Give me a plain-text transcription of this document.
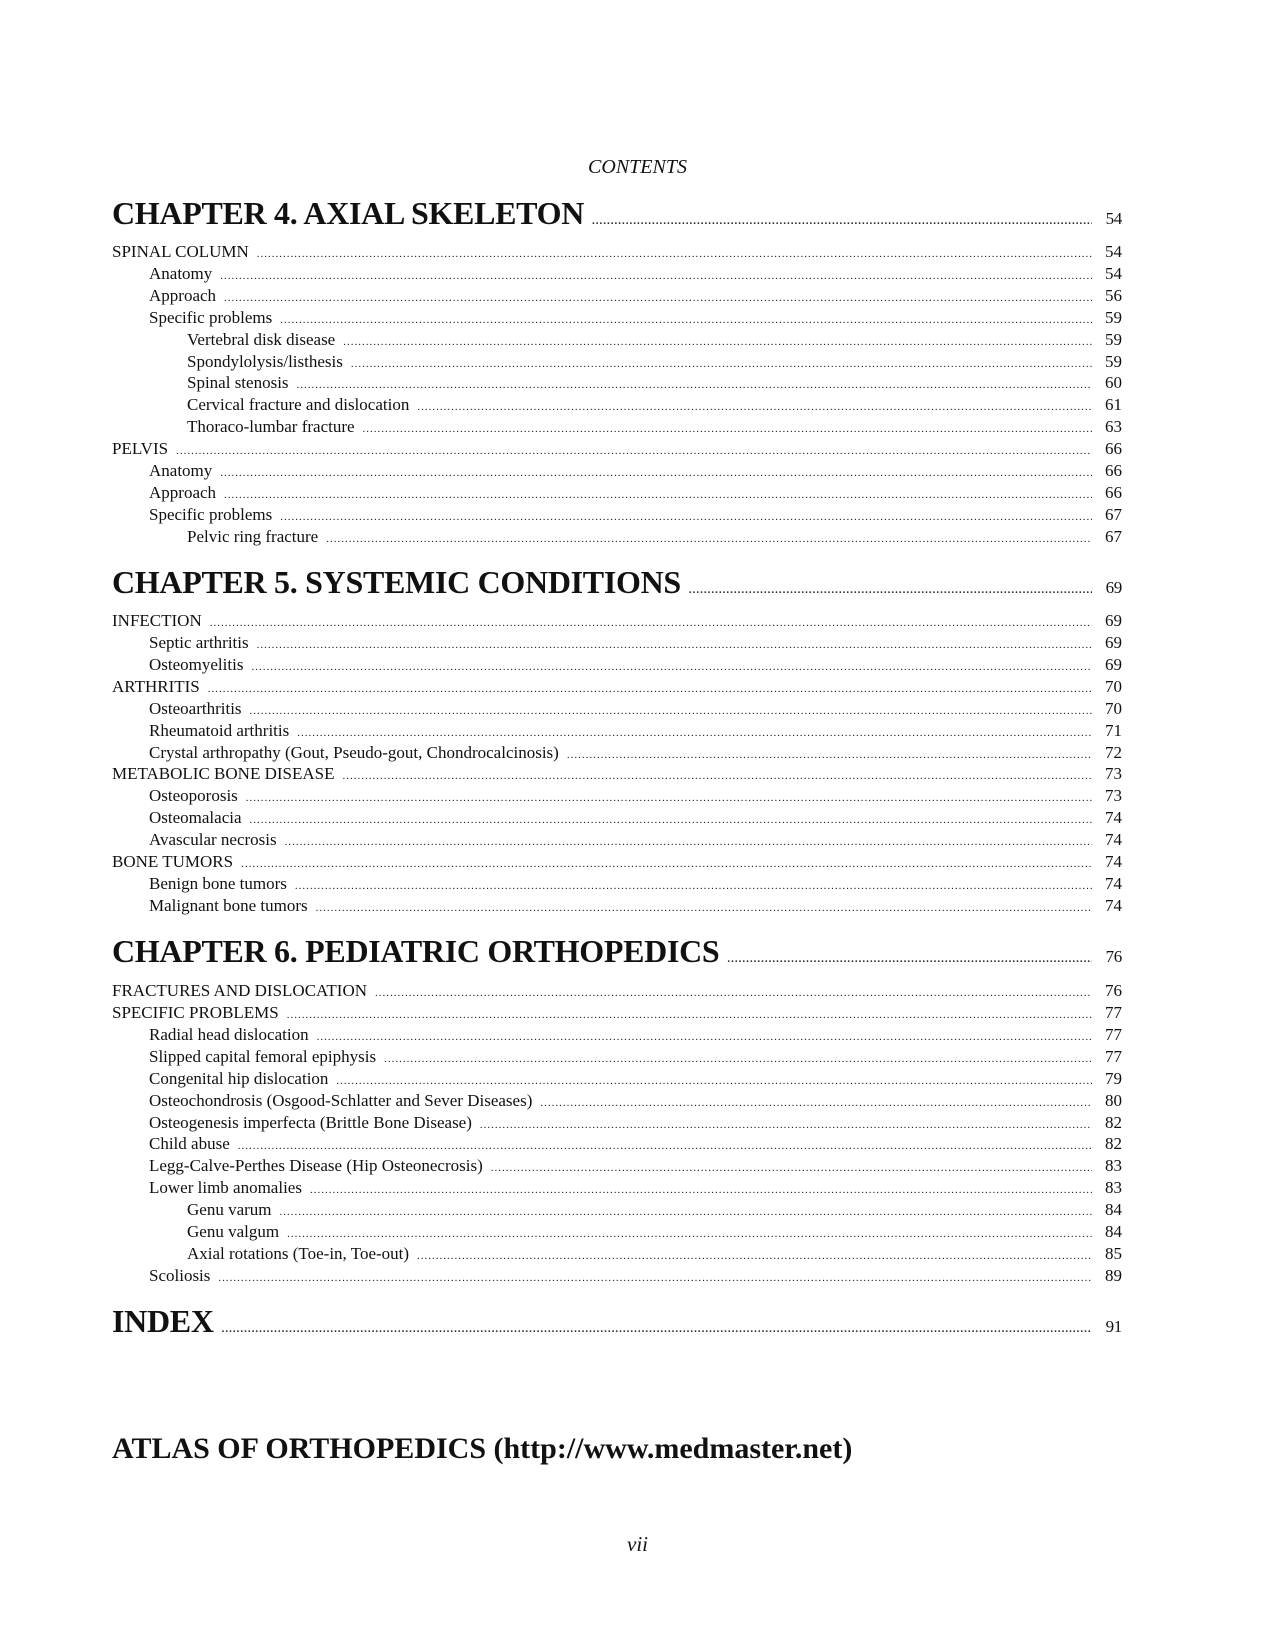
CONTENTS
CHAPTER 4. AXIAL SKELETON .....	54
SPINAL COLUMN .....	54
Anatomy .....	54
Approach .....	56
Specific problems .....	59
Vertebral disk disease .....	59
Spondylolysis/listhesis .....	59
Spinal stenosis .....	60
Cervical fracture and dislocation .....	61
Thoraco-lumbar fracture .....	63
PELVIS .....	66
Anatomy .....	66
Approach .....	66
Specific problems .....	67
Pelvic ring fracture .....	67
CHAPTER 5. SYSTEMIC CONDITIONS .....	69
INFECTION .....	69
Septic arthritis .....	69
Osteomyelitis .....	69
ARTHRITIS .....	70
Osteoarthritis .....	70
Rheumatoid arthritis .....	71
Crystal arthropathy (Gout, Pseudo-gout, Chondrocalcinosis) .....	72
METABOLIC BONE DISEASE .....	73
Osteoporosis .....	73
Osteomalacia .....	74
Avascular necrosis .....	74
BONE TUMORS .....	74
Benign bone tumors .....	74
Malignant bone tumors .....	74
CHAPTER 6. PEDIATRIC ORTHOPEDICS .....	76
FRACTURES AND DISLOCATION .....	76
SPECIFIC PROBLEMS .....	77
Radial head dislocation .....	77
Slipped capital femoral epiphysis .....	77
Congenital hip dislocation .....	79
Osteochondrosis (Osgood-Schlatter and Sever Diseases) .....	80
Osteogenesis imperfecta (Brittle Bone Disease) .....	82
Child abuse .....	82
Legg-Calve-Perthes Disease (Hip Osteonecrosis) .....	83
Lower limb anomalies .....	83
Genu varum .....	84
Genu valgum .....	84
Axial rotations (Toe-in, Toe-out) .....	85
Scoliosis .....	89
INDEX .....	91
ATLAS OF ORTHOPEDICS (http://www.medmaster.net)
vii
